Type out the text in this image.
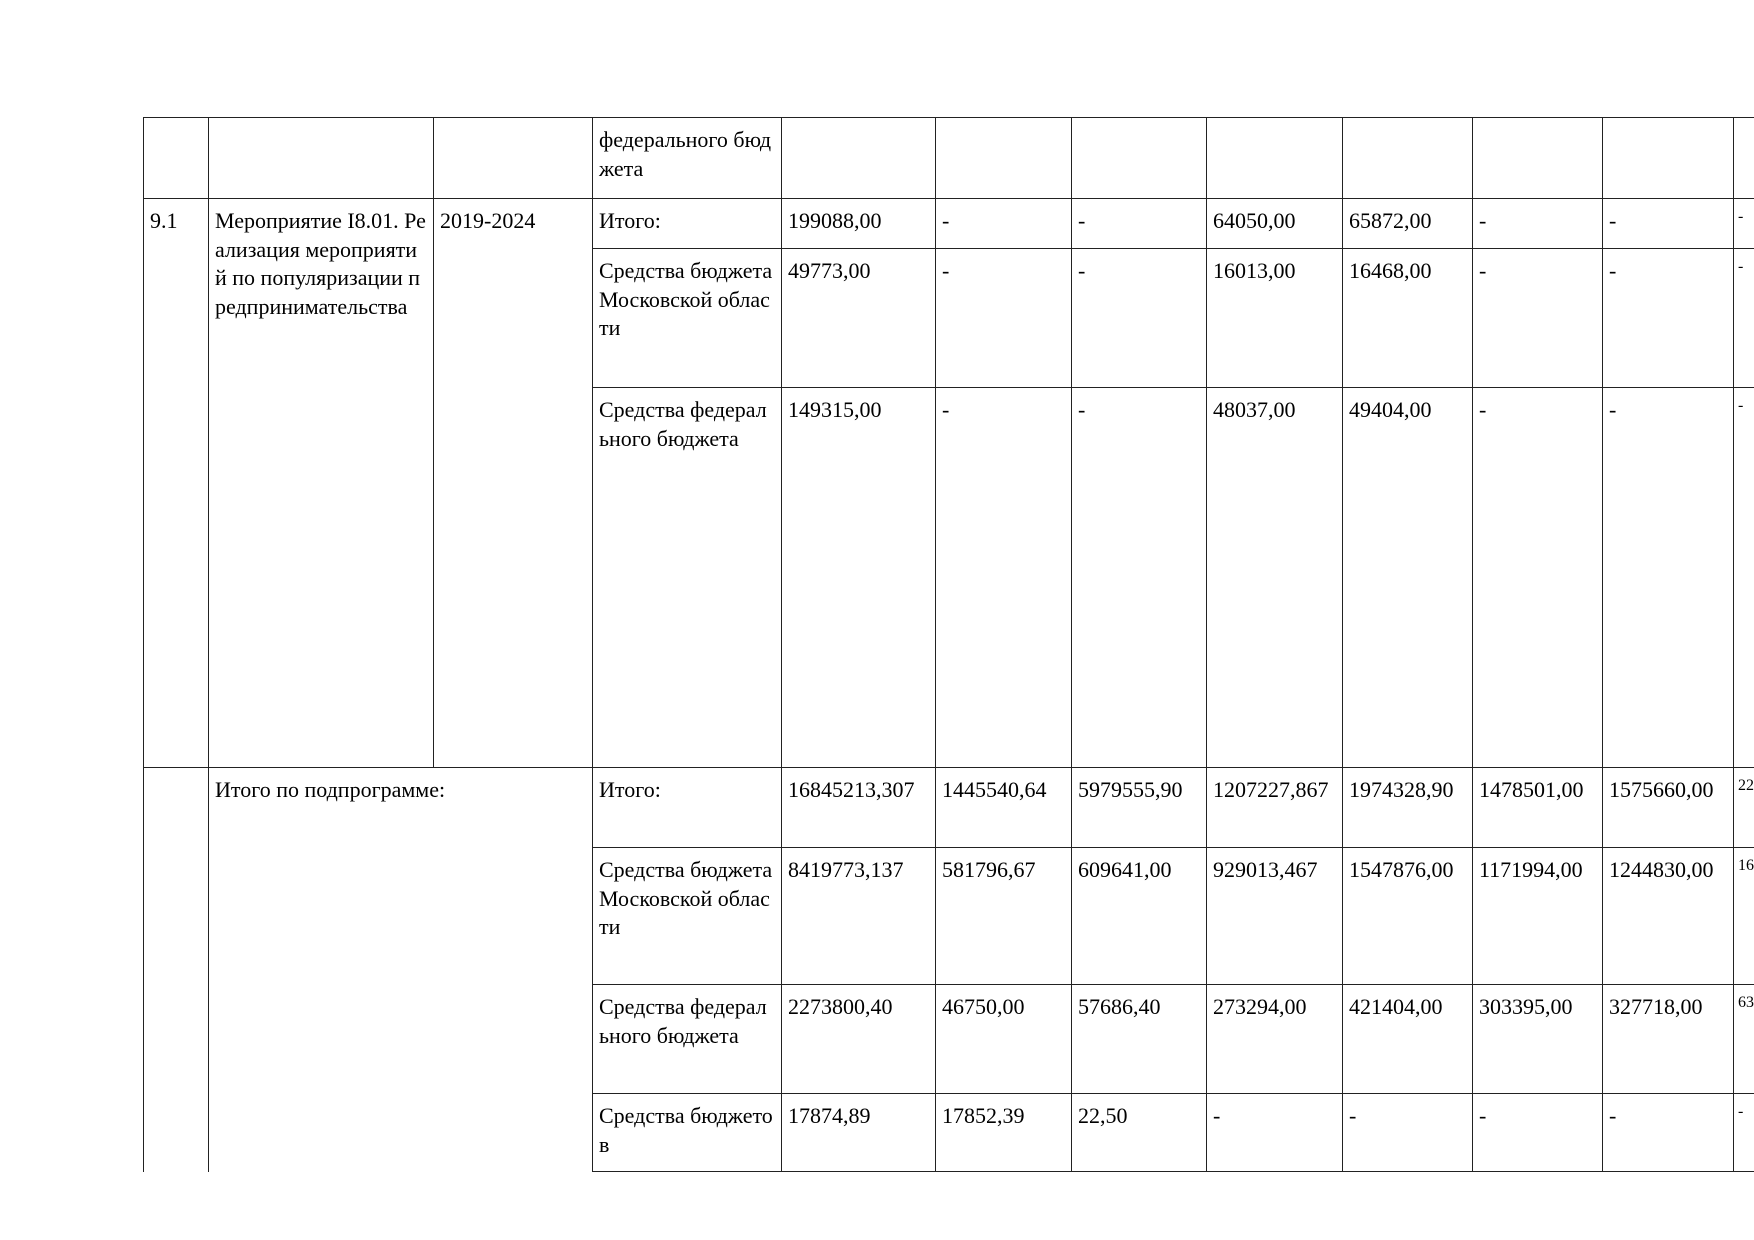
			федерального бюджета								
9.1	Мероприятие I8.01. Реализация мероприятий по популяризации предпринимательства	2019-2024	Итого:	199088,00	-	-	64050,00	65872,00	-	-	-
			Средства бюджета Московской области	49773,00	-	-	16013,00	16468,00	-	-	-
			Средства федерального бюджета	149315,00	-	-	48037,00	49404,00	-	-	-
	Итого по подпрограмме:		Итого:	16845213,307	1445540,64	5979555,90	1207227,867	1974328,90	1478501,00	1575660,00	22
			Средства бюджета Московской области	8419773,137	581796,67	609641,00	929013,467	1547876,00	1171994,00	1244830,00	16
			Средства федерального бюджета	2273800,40	46750,00	57686,40	273294,00	421404,00	303395,00	327718,00	63
			Средства бюджетов	17874,89	17852,39	22,50	-	-	-	-	-
